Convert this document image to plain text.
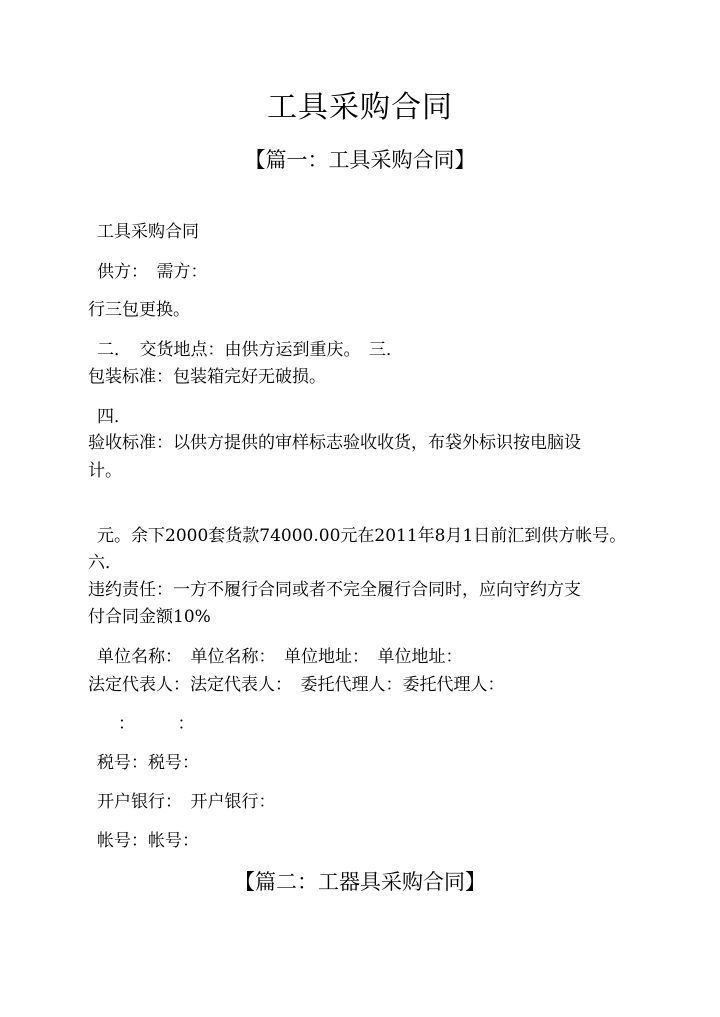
工具采购合同
【篇一：工具采购合同】
工具采购合同
供方：　需方：
行三包更换。
二．　交货地点：由供方运到重庆。　三．
包装标准：包装箱完好无破损。
四．
验收标准：以供方提供的审样标志验收收货，布袋外标识按电脑设
计。
元。余下2000套货款74000.00元在2011年8月1日前汇到供方帐号。
六．
违约责任：一方不履行合同或者不完全履行合同时，应向守约方支
付合同金额10%
单位名称：　单位名称：　单位地址：　单位地址：
法定代表人：法定代表人：　委托代理人：委托代理人：
：　　　：
税号：税号：
开户银行：　开户银行：
帐号：帐号：
【篇二：工器具采购合同】
